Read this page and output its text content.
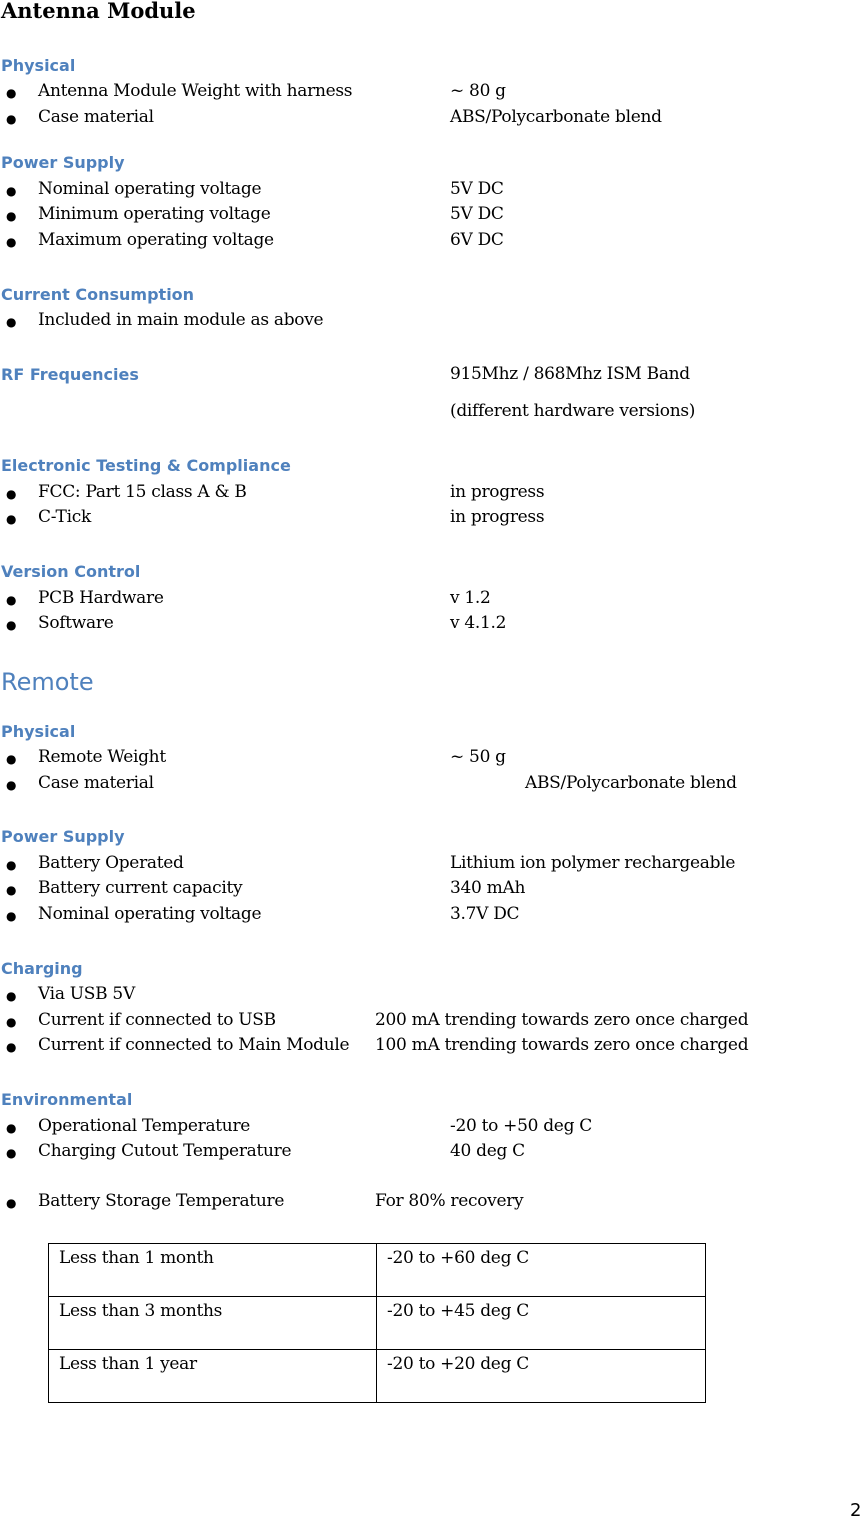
Antenna Module
Physical
● Antenna Module Weight with harness	~ 80 g
● Case material	ABS/Polycarbonate blend
Power Supply
● Nominal operating voltage	5V DC
● Minimum operating voltage	5V DC
● Maximum operating voltage	6V DC
Current Consumption
● Included in main module as above
RF Frequencies	915Mhz / 868Mhz ISM Band
(different hardware versions)
Electronic Testing & Compliance
● FCC: Part 15 class A & B	in progress
● C-Tick	in progress
Version Control
● PCB Hardware	v 1.2
● Software	v 4.1.2
Remote
Physical
● Remote Weight	~ 50 g
● Case material	ABS/Polycarbonate blend
Power Supply
● Battery Operated	Lithium ion polymer rechargeable
● Battery current capacity	340 mAh
● Nominal operating voltage	3.7V DC
Charging
● Via USB 5V
● Current if connected to USB	200 mA trending towards zero once charged
● Current if connected to Main Module 100 mA trending towards zero once charged
Environmental
● Operational Temperature	-20 to +50 deg C
● Charging Cutout Temperature	40 deg C
● Battery Storage Temperature	For 80% recovery
Less than 1 month	-20 to +60 deg C
Less than 3 months	-20 to +45 deg C
Less than 1 year	-20 to +20 deg C
2
